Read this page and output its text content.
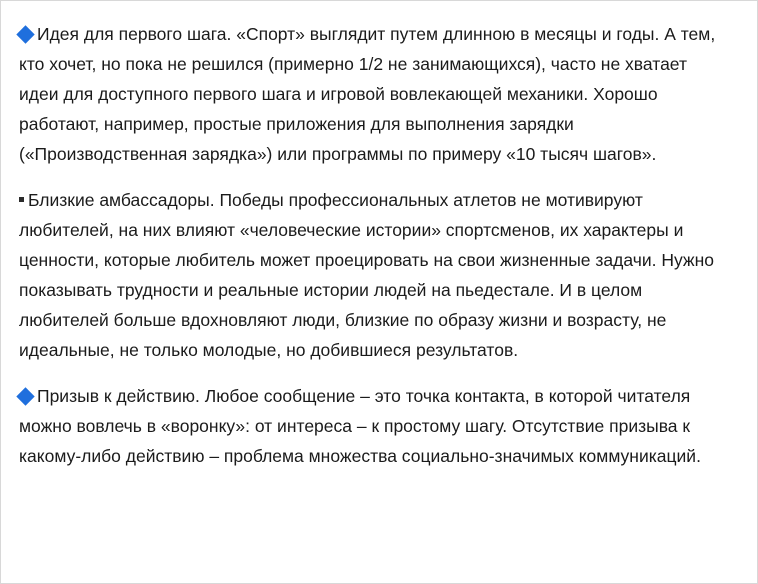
Идея для первого шага. «Спорт» выглядит путем длинною в месяцы и годы. А тем, кто хочет, но пока не решился (примерно 1/2 не занимающихся), часто не хватает идеи для доступного первого шага и игровой вовлекающей механики. Хорошо работают, например, простые приложения для выполнения зарядки («Производственная зарядка») или программы по примеру «10 тысяч шагов».

Близкие амбассадоры. Победы профессиональных атлетов не мотивируют любителей, на них влияют «человеческие истории» спортсменов, их характеры и ценности, которые любитель может проецировать на свои жизненные задачи. Нужно показывать трудности и реальные истории людей на пьедестале. И в целом любителей больше вдохновляют люди, близкие по образу жизни и возрасту, не идеальные, не только молодые, но добившиеся результатов.

Призыв к действию. Любое сообщение – это точка контакта, в которой читателя можно вовлечь в «воронку»: от интереса – к простому шагу. Отсутствие призыва к какому-либо действию – проблема множества социально-значимых коммуникаций.
